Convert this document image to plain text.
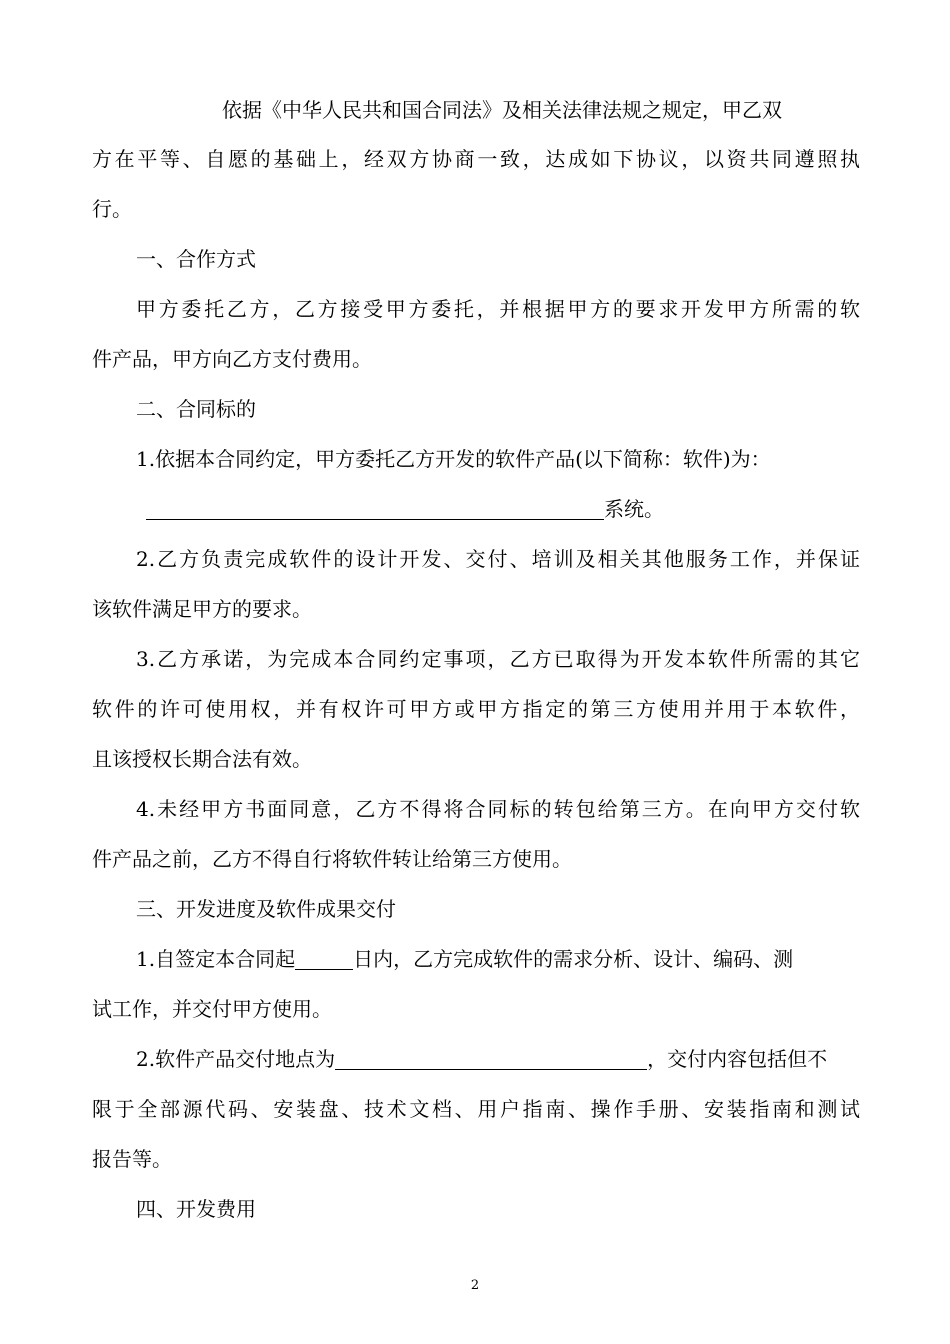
依据《中华人民共和国合同法》及相关法律法规之规定，甲乙双
方在平等、自愿的基础上，经双方协商一致，达成如下协议，以资共同遵照执
行。
一、合作方式
甲方委托乙方，乙方接受甲方委托，并根据甲方的要求开发甲方所需的软
件产品，甲方向乙方支付费用。
二、合同标的
1.依据本合同约定，甲方委托乙方开发的软件产品(以下简称：软件)为：
系统。
2.乙方负责完成软件的设计开发、交付、培训及相关其他服务工作，并保证
该软件满足甲方的要求。
3.乙方承诺，为完成本合同约定事项，乙方已取得为开发本软件所需的其它
软件的许可使用权，并有权许可甲方或甲方指定的第三方使用并用于本软件，
且该授权长期合法有效。
4.未经甲方书面同意，乙方不得将合同标的转包给第三方。在向甲方交付软
件产品之前，乙方不得自行将软件转让给第三方使用。
三、开发进度及软件成果交付
1.自签定本合同起	日内，乙方完成软件的需求分析、设计、编码、测
试工作，并交付甲方使用。
2.软件产品交付地点为	，交付内容包括但不
限于全部源代码、安装盘、技术文档、用户指南、操作手册、安装指南和测试
报告等。
四、开发费用
2
